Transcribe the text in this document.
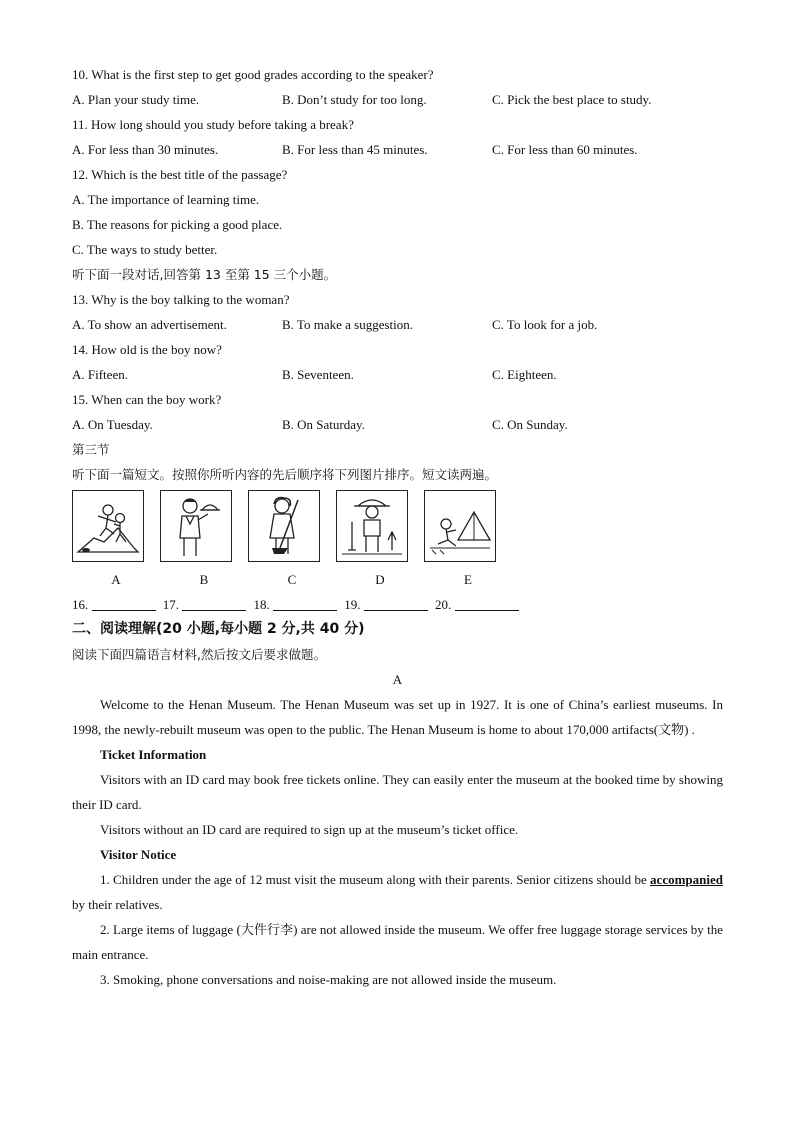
10. What is the first step to get good grades according to the speaker?
A. Plan your study time.	B. Don’t study for too long.	C. Pick the best place to study.
11. How long should you study before taking a break?
A. For less than 30 minutes.	B. For less than 45 minutes.	C. For less than 60 minutes.
12. Which is the best title of the passage?
A. The importance of learning time.
B. The reasons for picking a good place.
C. The ways to study better.
听下面一段对话,回答第 13 至第 15 三个小题。
13. Why is the boy talking to the woman?
A. To show an advertisement.	B. To make a suggestion.	C. To look for a job.
14. How old is the boy now?
A. Fifteen.	B. Seventeen.	C. Eighteen.
15. When can the boy work?
A. On Tuesday.	B. On Saturday.	C. On Sunday.
第三节
听下面一篇短文。按照你所听内容的先后顺序将下列图片排序。短文读两遍。
A	B	C	D	E
16.	17.	18.	19.	20.
二、阅读理解(20 小题,每小题 2 分,共 40 分)
阅读下面四篇语言材料,然后按文后要求做题。
A
Welcome to the Henan Museum. The Henan Museum was set up in 1927. It is one of China’s earliest museums. In 1998, the newly-rebuilt museum was open to the public. The Henan Museum is home to about 170,000 artifacts(文物) .
Ticket Information
Visitors with an ID card may book free tickets online. They can easily enter the museum at the booked time by showing their ID card.
Visitors without an ID card are required to sign up at the museum’s ticket office.
Visitor Notice
1. Children under the age of 12 must visit the museum along with their parents. Senior citizens should be accompanied by their relatives.
2. Large items of luggage (大件行李) are not allowed inside the museum. We offer free luggage storage services by the main entrance.
3. Smoking, phone conversations and noise-making are not allowed inside the museum.
